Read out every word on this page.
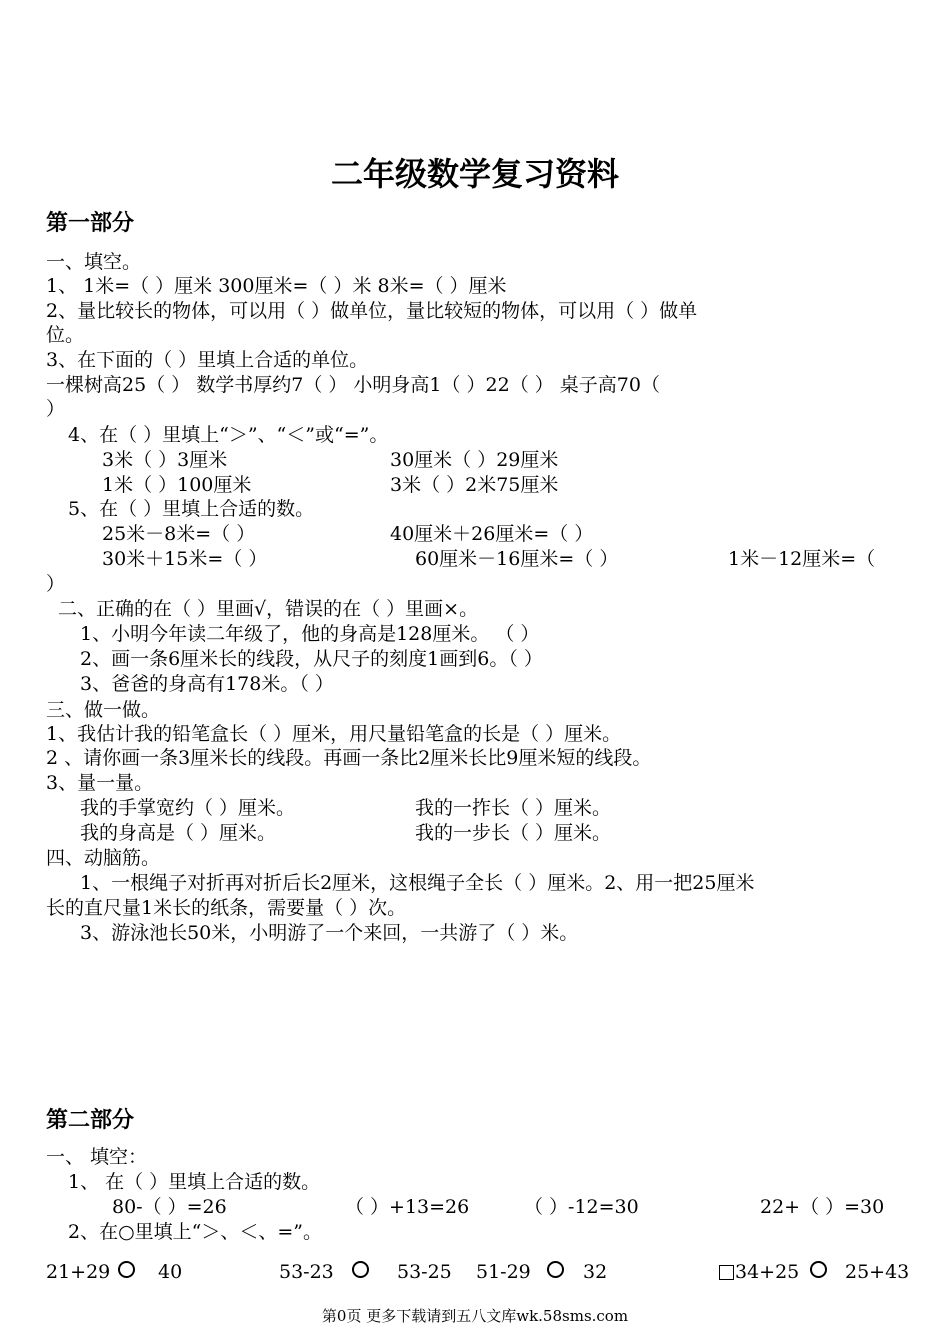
二年级数学复习资料
第一部分
一、填空。
1、 1米=（ ）厘米 300厘米=（ ）米 8米=（ ）厘米
2、量比较长的物体，可以用（ ）做单位，量比较短的物体，可以用（ ）做单
位。
3、在下面的（ ）里填上合适的单位。
一棵树高25（ ） 数学书厚约7（ ） 小明身高1（ ）22（ ） 桌子高70（
）
4、在（ ）里填上“＞”、“＜”或“=”。
3米（ ）3厘米	30厘米（ ）29厘米
1米（ ）100厘米	3米（ ）2米75厘米
5、在（ ）里填上合适的数。
25米－8米=（ ）	40厘米＋26厘米=（ ）
30米＋15米=（ ）	60厘米－16厘米=（ ）	1米－12厘米=（
）
二、正确的在（ ）里画√，错误的在（ ）里画×。
1、小明今年读二年级了，他的身高是128厘米。 （ ）
2、画一条6厘米长的线段，从尺子的刻度1画到6。（ ）
3、爸爸的身高有178米。（ ）
三、做一做。
1、我估计我的铅笔盒长（ ）厘米，用尺量铅笔盒的长是（ ）厘米。
2 、请你画一条3厘米长的线段。再画一条比2厘米长比9厘米短的线段。
3、量一量。
我的手掌宽约（ ）厘米。	我的一拃长（ ）厘米。
我的身高是（ ）厘米。	我的一步长（ ）厘米。
四、动脑筋。
1、一根绳子对折再对折后长2厘米，这根绳子全长（ ）厘米。2、用一把25厘米
长的直尺量1米长的纸条，需要量（ ）次。
3、游泳池长50米，小明游了一个来回，一共游了（ ）米。
第二部分
一、 填空：
1、 在（ ）里填上合适的数。
80-（ ）=26	（ ）+13=26	（ ）-12=30	22+（ ）=30
2、在○里填上“＞、＜、=”。
21+29	40	53-23	53-25 51-29	32	34+25 25+43
第0页 更多下载请到五八文库wk.58sms.com
